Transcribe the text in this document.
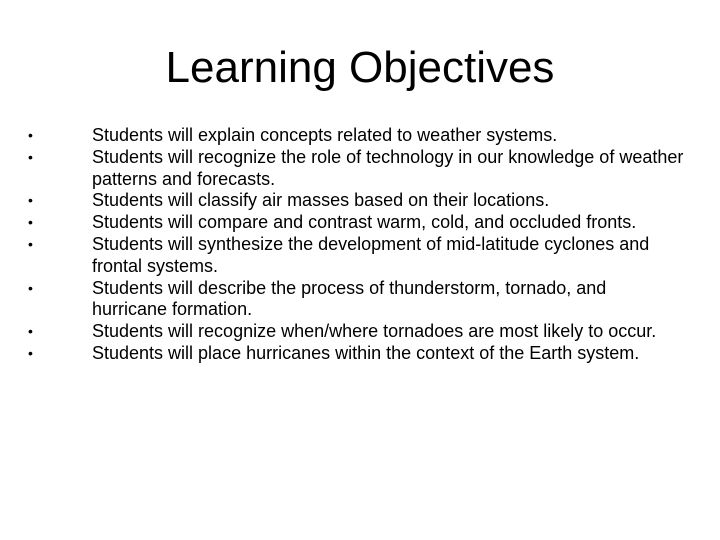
Learning Objectives
•	Students will explain concepts related to weather systems.
•	Students will recognize the role of technology in our knowledge of weather patterns and forecasts.
•	Students will classify air masses based on their locations.
•	Students will compare and contrast warm, cold, and occluded fronts.
•	Students will synthesize the development of mid-latitude cyclones and frontal systems.
•	Students will describe the process of thunderstorm, tornado, and hurricane formation.
•	Students will recognize when/where tornadoes are most likely to occur.
•	Students will place hurricanes within the context of the Earth system.
